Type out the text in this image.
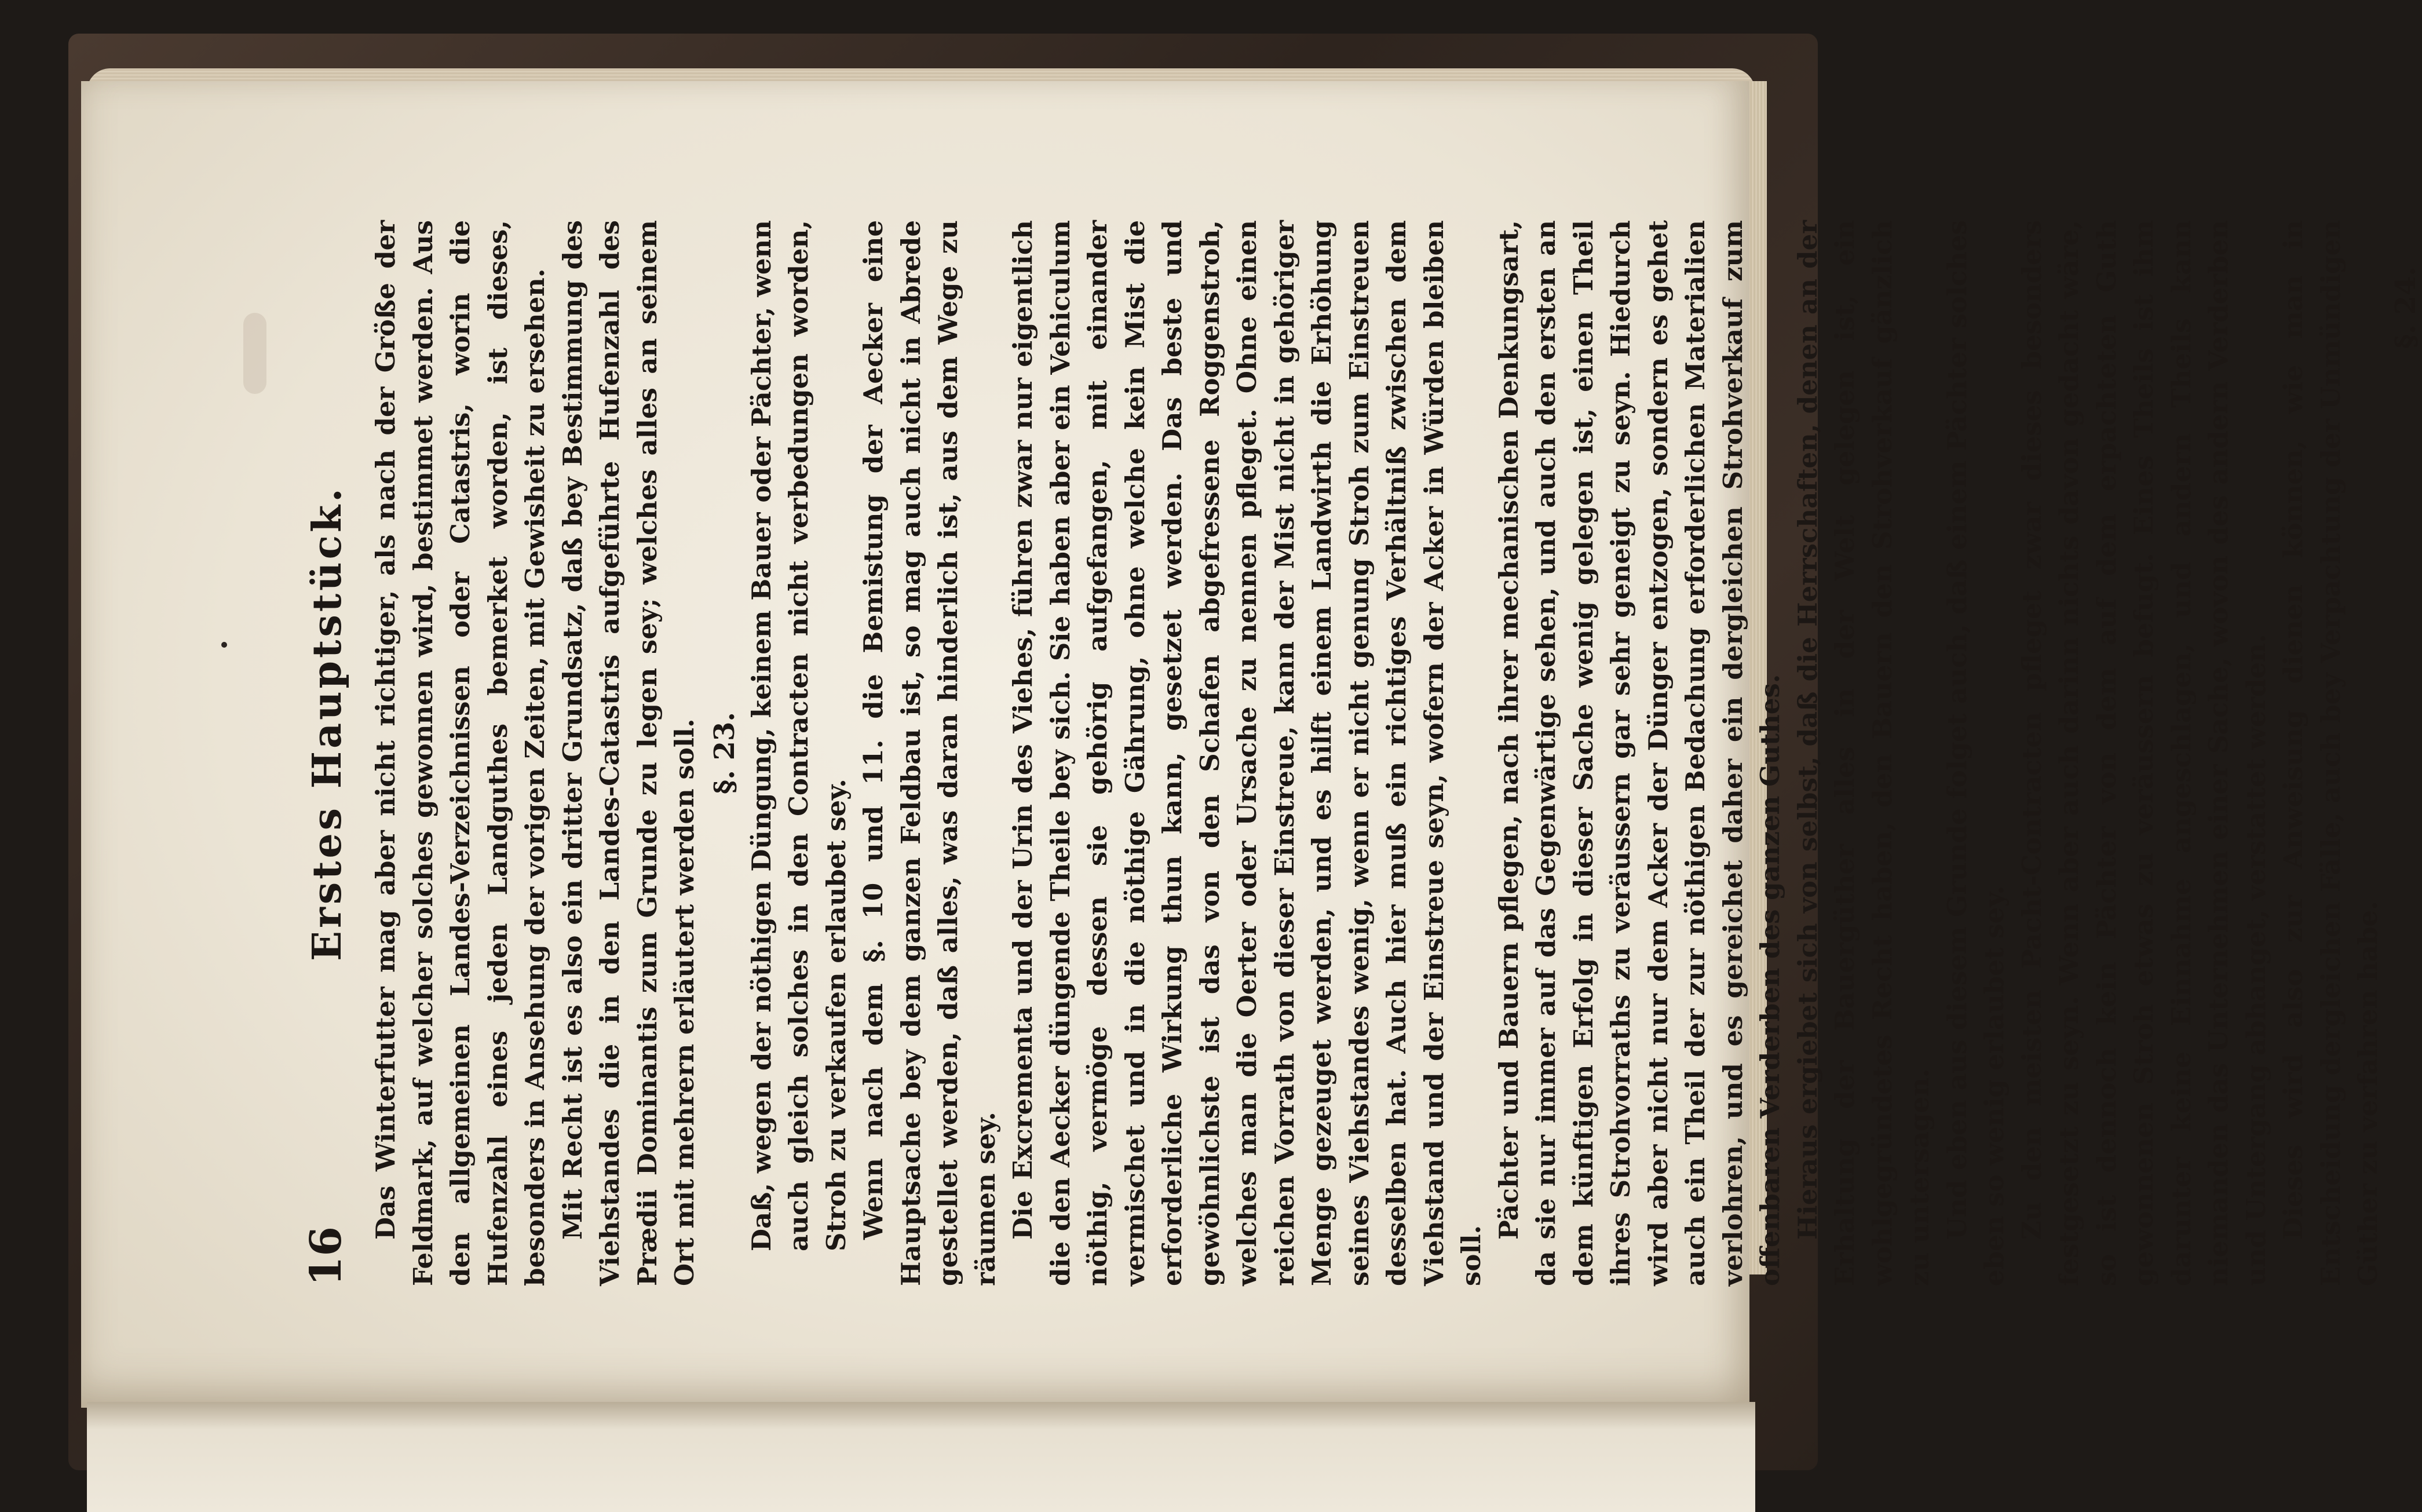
16
Erstes Hauptstück. Das Winterfutter mag aber nicht richtiger, als nach der Größe der Feldmark, auf welcher solches gewonnen wird, bestimmet werden. Aus den allgemeinen Landes-Verzeichnissen oder Catastris, worin die Hufenzahl eines jeden Landguthes bemerket worden, ist dieses, besonders in Ansehung der vorigen Zeiten, mit Gewisheit zu ersehen. Mit Recht ist es also ein dritter Grundsatz, daß bey Bestimmung des Viehstandes die in den Landes-Catastris aufgeführte Hufenzahl des Prædii Dominantis zum Grunde zu legen sey; welches alles an seinem Ort mit mehrern erläutert werden soll. §. 23. Daß, wegen der nöthigen Düngung, keinem Bauer oder Pächter, wenn auch gleich solches in den Contracten nicht verbedungen worden, Stroh zu verkaufen erlaubet sey. Wenn nach dem §. 10 und 11. die Bemistung der Aecker eine Hauptsache bey dem ganzen Feldbau ist, so mag auch nicht in Abrede gestellet werden, daß alles, was daran hinderlich ist, aus dem Wege zu räumen sey. Die Excrementa und der Urin des Viehes, führen zwar nur eigentlich die den Aecker düngende Theile bey sich. Sie haben aber ein Vehiculum nöthig, vermöge dessen sie gehörig aufgefangen, mit einander vermischet und in die nöthige Gährung, ohne welche kein Mist die erforderliche Wirkung thun kann, gesetzet werden. Das beste und gewöhnlichste ist das von den Schafen abgefressene Roggenstroh, welches man die Oerter oder Ursache zu nennen pfleget. Ohne einen reichen Vorrath von dieser Einstreue, kann der Mist nicht in gehöriger Menge gezeuget werden, und es hilft einem Landwirth die Erhöhung seines Viehstandes wenig, wenn er nicht genung Stroh zum Einstreuen desselben hat. Auch hier muß ein richtiges Verhältniß zwischen dem Viehstand und der Einstreue seyn, wofern der Acker in Würden bleiben soll.

Pächter und Bauern pflegen, nach ihrer mechanischen Denkungsart, da sie nur immer auf das Gegenwärtige sehen, und auch den ersten an dem künftigen Erfolg in dieser Sache wenig gelegen ist, einen Theil ihres Strohvorraths zu veräussern gar sehr geneigt zu seyn. Hiedurch wird aber nicht nur dem Acker der Dünger entzogen, sondern es gehet auch ein Theil der zur nöthigen Bedachung erforderlichen Materialien verlohren, und es gereichet daher ein dergleichen Strohverkauf zum offenbaren Verderben des ganzen Guthes. Hieraus ergiebet sich von selbst, daß die Herrschaften, denen an der Erhaltung der Bauergüther alles in der Welt gelegen ist, ein wohlgegründetes Recht haben, den Bauern den Strohverkauf gänzlich zu untersagen. Und eben aus diesem Grunde folget auch, daß einem Pächter solches eben so wenig erlaubet sey. Zu den meisten Pacht-Contracten pfleget zwar dieses besonders festgesetzt zu seyn. Wenn aber auch darinn nichts davon gedacht wäre, so ist dennoch kein Pächter von dem auf dem erpachteten Guth gewonnenen Stroh etwas zu veräussern befugt. Eines Theils ist ihm darunter keine Einnahme angeschlagen, und andern Theils kann niemanden das Unternehmen einer Sache, wovon des andern Verderben und Untergang abhanget, verstattet werden. Dieses wird also zur Anweisung dienen können, wie man in Entscheidung dergleichen Fälle, auch bey Verpachtung der Unmündigen Güther zu verfahren habe.

§. 24.
